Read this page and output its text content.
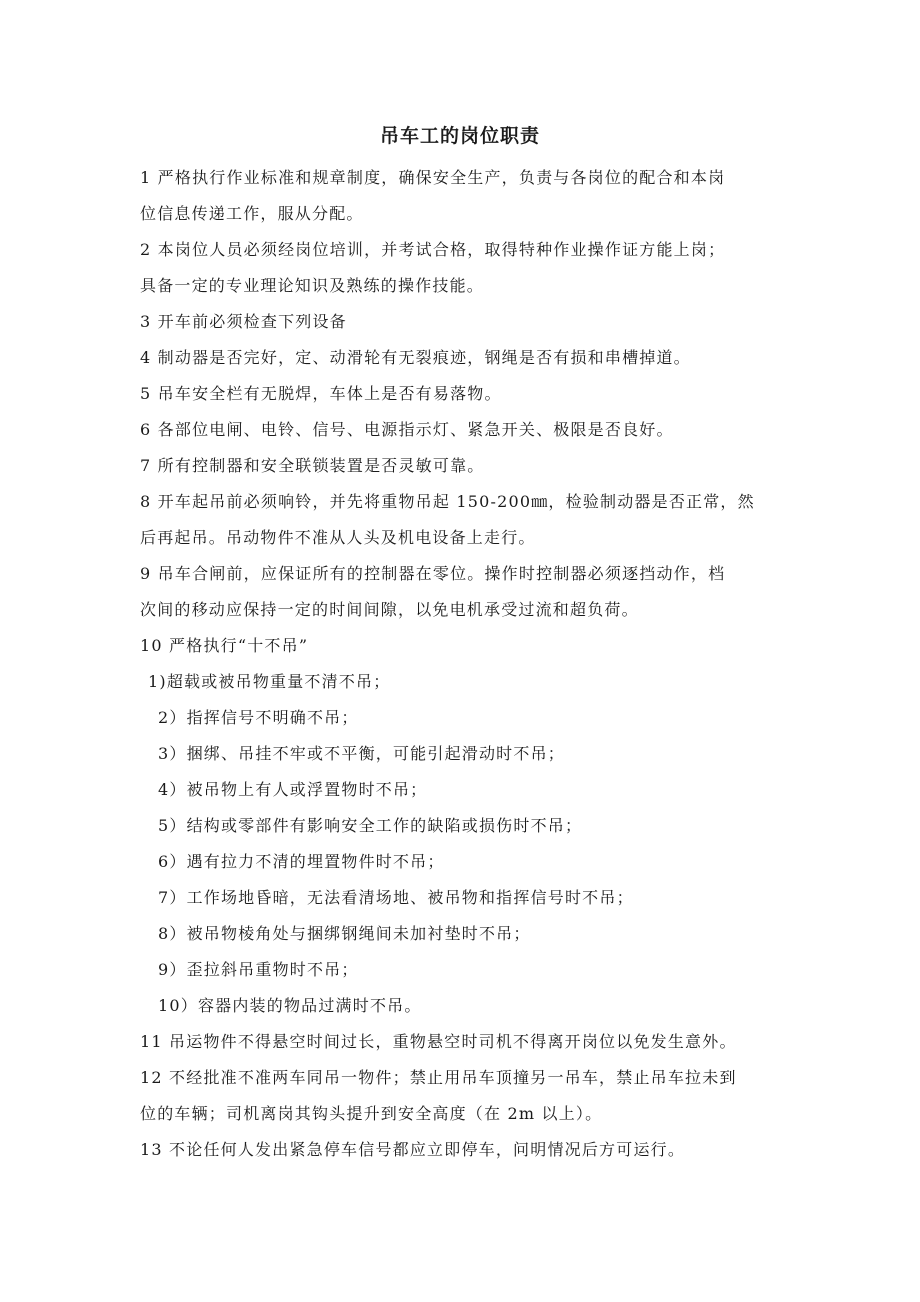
吊车工的岗位职责
1 严格执行作业标准和规章制度，确保安全生产，负责与各岗位的配合和本岗
位信息传递工作，服从分配。
2 本岗位人员必须经岗位培训，并考试合格，取得特种作业操作证方能上岗；
具备一定的专业理论知识及熟练的操作技能。
3 开车前必须检查下列设备
4 制动器是否完好，定、动滑轮有无裂痕迹，钢绳是否有损和串槽掉道。
5 吊车安全栏有无脱焊，车体上是否有易落物。
6 各部位电闸、电铃、信号、电源指示灯、紧急开关、极限是否良好。
7 所有控制器和安全联锁装置是否灵敏可靠。
8 开车起吊前必须响铃，并先将重物吊起 150-200㎜，检验制动器是否正常，然
后再起吊。吊动物件不准从人头及机电设备上走行。
9 吊车合闸前，应保证所有的控制器在零位。操作时控制器必须逐挡动作，档
次间的移动应保持一定的时间间隙，以免电机承受过流和超负荷。
10 严格执行“十不吊”
1)超载或被吊物重量不清不吊；
2）指挥信号不明确不吊；
3）捆绑、吊挂不牢或不平衡，可能引起滑动时不吊；
4）被吊物上有人或浮置物时不吊；
5）结构或零部件有影响安全工作的缺陷或损伤时不吊；
6）遇有拉力不清的埋置物件时不吊；
7）工作场地昏暗，无法看清场地、被吊物和指挥信号时不吊；
8）被吊物棱角处与捆绑钢绳间未加衬垫时不吊；
9）歪拉斜吊重物时不吊；
10）容器内装的物品过满时不吊。
11 吊运物件不得悬空时间过长，重物悬空时司机不得离开岗位以免发生意外。
12 不经批准不准两车同吊一物件；禁止用吊车顶撞另一吊车，禁止吊车拉未到
位的车辆；司机离岗其钩头提升到安全高度（在 2m 以上）。
13 不论任何人发出紧急停车信号都应立即停车，问明情况后方可运行。
